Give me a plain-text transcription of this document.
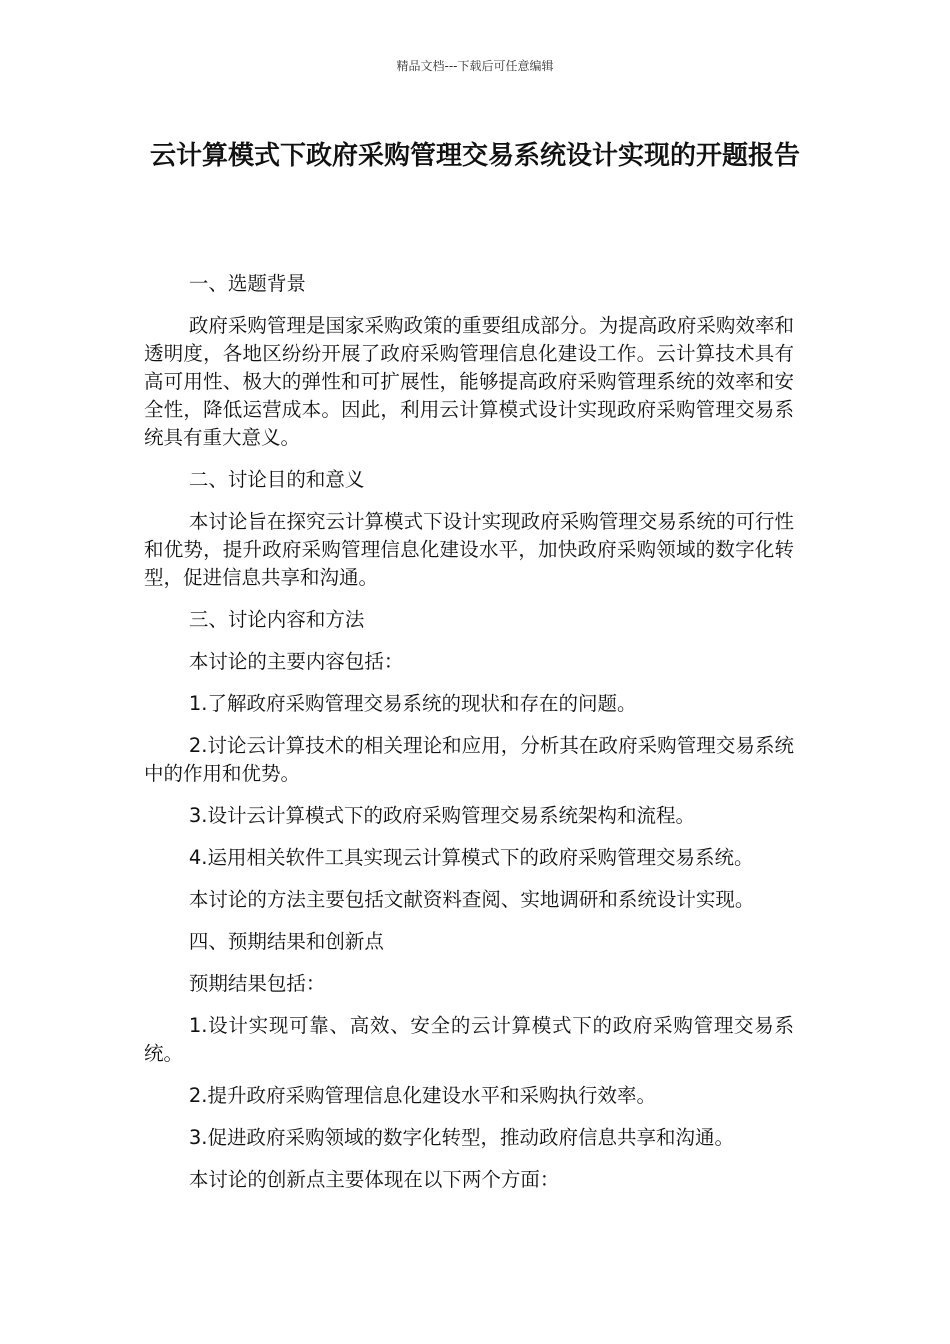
精品文档---下载后可任意编辑
云计算模式下政府采购管理交易系统设计实现的开题报告

一、选题背景

政府采购管理是国家采购政策的重要组成部分。为提高政府采购效率和透明度，各地区纷纷开展了政府采购管理信息化建设工作。云计算技术具有高可用性、极大的弹性和可扩展性，能够提高政府采购管理系统的效率和安全性，降低运营成本。因此，利用云计算模式设计实现政府采购管理交易系统具有重大意义。

二、讨论目的和意义

本讨论旨在探究云计算模式下设计实现政府采购管理交易系统的可行性和优势，提升政府采购管理信息化建设水平，加快政府采购领域的数字化转型，促进信息共享和沟通。

三、讨论内容和方法

本讨论的主要内容包括：

1.了解政府采购管理交易系统的现状和存在的问题。

2.讨论云计算技术的相关理论和应用，分析其在政府采购管理交易系统中的作用和优势。

3.设计云计算模式下的政府采购管理交易系统架构和流程。

4.运用相关软件工具实现云计算模式下的政府采购管理交易系统。

本讨论的方法主要包括文献资料查阅、实地调研和系统设计实现。

四、预期结果和创新点

预期结果包括：

1.设计实现可靠、高效、安全的云计算模式下的政府采购管理交易系统。

2.提升政府采购管理信息化建设水平和采购执行效率。

3.促进政府采购领域的数字化转型，推动政府信息共享和沟通。

本讨论的创新点主要体现在以下两个方面：
